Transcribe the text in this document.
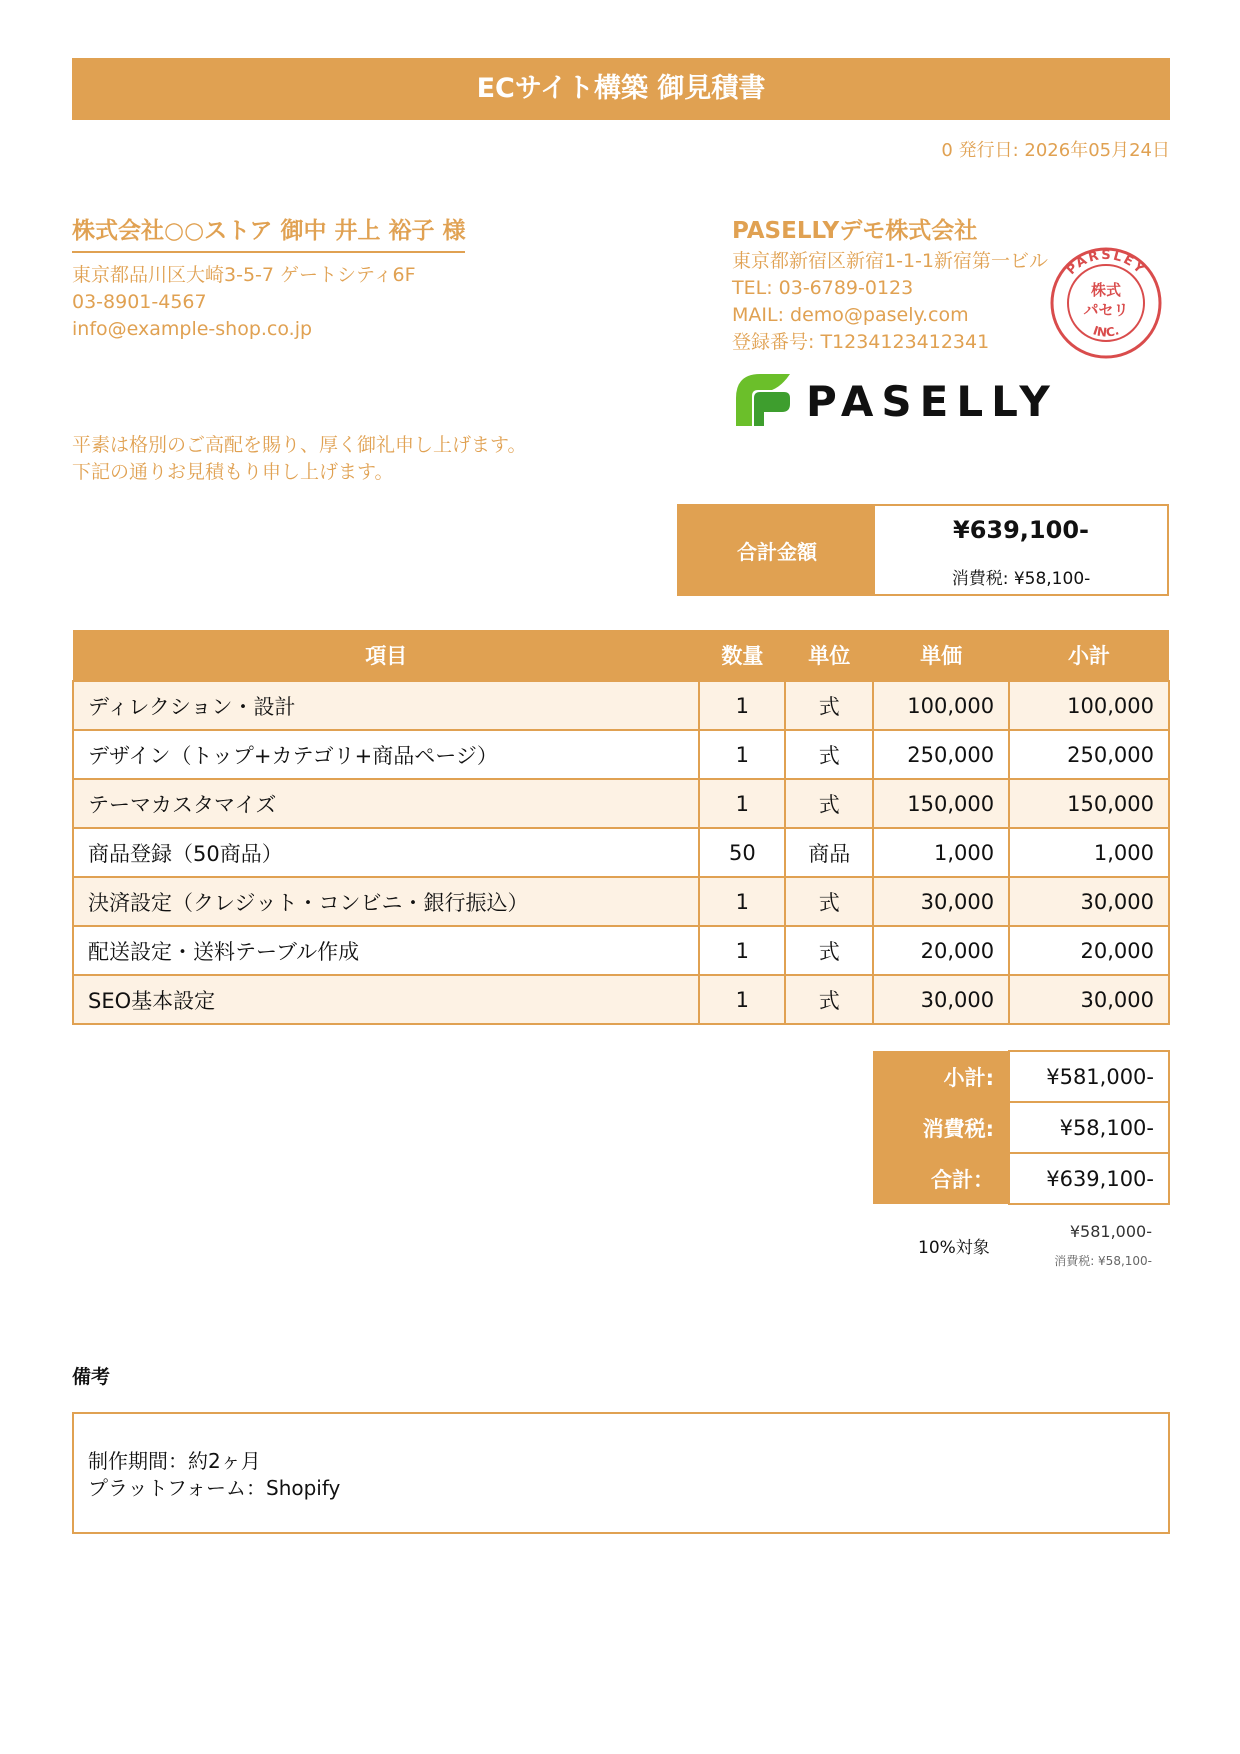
ECサイト構築 御見積書
0 発行日: 2026年05月24日
株式会社○○ストア 御中 井上 裕子 様
東京都品川区大崎3-5-7 ゲートシティ6F
03-8901-4567
info@example-shop.co.jp
平素は格別のご高配を賜り、厚く御礼申し上げます。
下記の通りお見積もり申し上げます。
PASELLYデモ株式会社
東京都新宿区新宿1-1-1新宿第一ビル
TEL: 03-6789-0123
MAIL: demo@pasely.com
登録番号: T1234123412341
PARSLEY
INC.
株式
パセリ
PASELLY
合計金額
¥639,100-
消費税: ¥58,100-
項目	数量	単位	単価	小計
ディレクション・設計	1	式	100,000	100,000
デザイン（トップ+カテゴリ+商品ページ）	1	式	250,000	250,000
テーマカスタマイズ	1	式	150,000	150,000
商品登録（50商品）	50	商品	1,000	1,000
決済設定（クレジット・コンビニ・銀行振込）	1	式	30,000	30,000
配送設定・送料テーブル作成	1	式	20,000	20,000
SEO基本設定	1	式	30,000	30,000
小計:	¥581,000-
消費税:	¥58,100-
合計：	¥639,100-
10%対象
¥581,000-
消費税: ¥58,100-
備考
制作期間：約2ヶ月
プラットフォーム：Shopify
